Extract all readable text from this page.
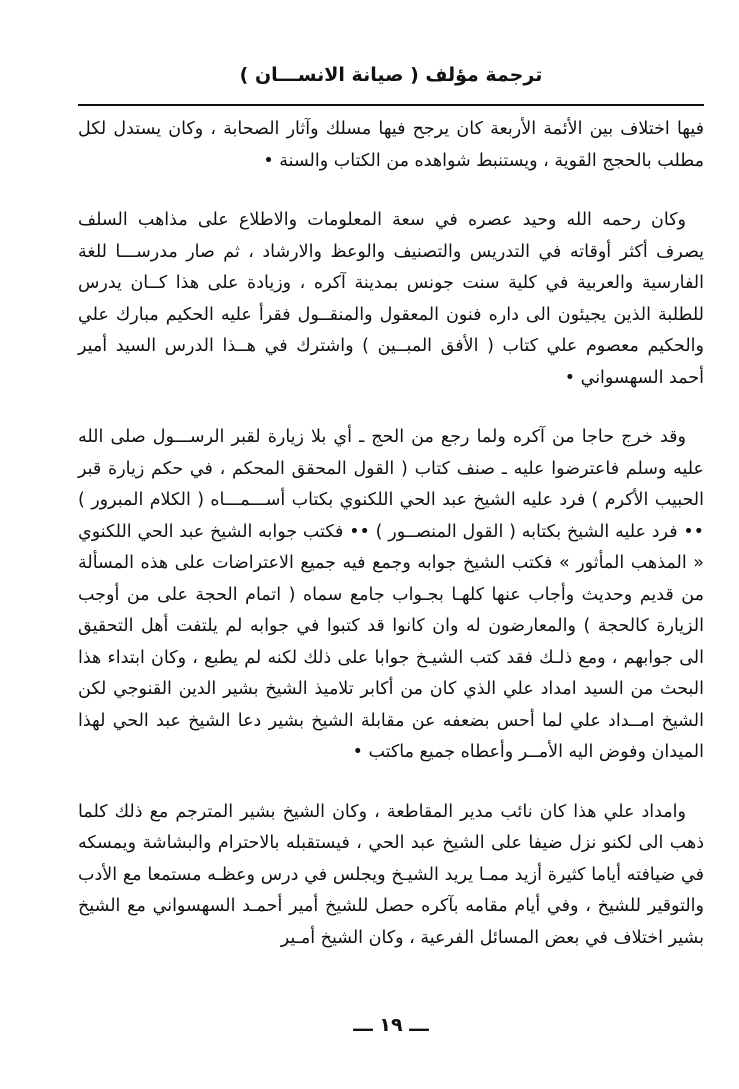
ترجمة مؤلف ( صيانة الانســـان )

فيها اختلاف بين الأئمة الأربعة كان يرجح فيها مسلك وآثار الصحابة ، وكان يستدل لكل مطلب بالحجج القوية ، ويستنبط شواهده من الكتاب والسنة •

وكان رحمه الله وحيد عصره في سعة المعلومات والاطلاع على مذاهب السلف يصرف أكثر أوقاته في التدريس والتصنيف والوعظ والارشاد ، ثم صار مدرســـا للغة الفارسية والعربية في كلية سنت جونس بمدينة آكره ، وزيادة على هذا كــان يدرس للطلبة الذين يجيئون الى داره فنون المعقول والمنقــول فقرأ عليه الحكيم مبارك علي والحكيم معصوم علي كتاب ( الأفق المبــين ) واشترك في هــذا الدرس السيد أمير أحمد السهسواني •

وقد خرج حاجا من آكره ولما رجع من الحج ـ أي بلا زيارة لقبر الرســـول صلى الله عليه وسلم فاعترضوا عليه ـ صنف كتاب ( القول المحقق المحكم ، في حكم زيارة قبر الحبيب الأكرم ) فرد عليه الشيخ عبد الحي اللكنوي بكتاب أســـمـــاه ( الكلام المبرور ) •• فرد عليه الشيخ بكتابه ( القول المنصــور ) •• فكتب جوابه الشيخ عبد الحي اللكنوي « المذهب المأثور » فكتب الشيخ جوابه وجمع فيه جميع الاعتراضات على هذه المسألة من قديم وحديث وأجاب عنها كلهـا بجـواب جامع سماه ( اتمام الحجة على من أوجب الزيارة كالحجة ) والمعارضون له وان كانوا قد كتبوا في جوابه لم يلتفت أهل التحقيق الى جوابهم ، ومع ذلـك فقد كتب الشيـخ جوابا على ذلك لكنه لم يطبع ، وكان ابتداء هذا البحث من السيد امداد علي الذي كان من أكابر تلاميذ الشيخ بشير الدين القنوجي لكن الشيخ امــداد علي لما أحس بضعفه عن مقابلة الشيخ بشير دعا الشيخ عبد الحي لهذا الميدان وفوض اليه الأمــر وأعطاه جميع ماكتب •

وامداد علي هذا كان نائب مدير المقاطعة ، وكان الشيخ بشير المترجم مع ذلك كلما ذهب الى لكنو نزل ضيفا على الشيخ عبد الحي ، فيستقبله بالاحترام والبشاشة ويمسكه في ضيافته أياما كثيرة أزيد ممـا يريد الشيـخ ويجلس في درس وعظـه مستمعا مع الأدب والتوقير للشيخ ، وفي أيام مقامه بآكره حصل للشيخ أمير أحمـد السهسواني مع الشيخ بشير اختلاف في بعض المسائل الفرعية ، وكان الشيخ أمـير

ـــ ١٩ ـــ
